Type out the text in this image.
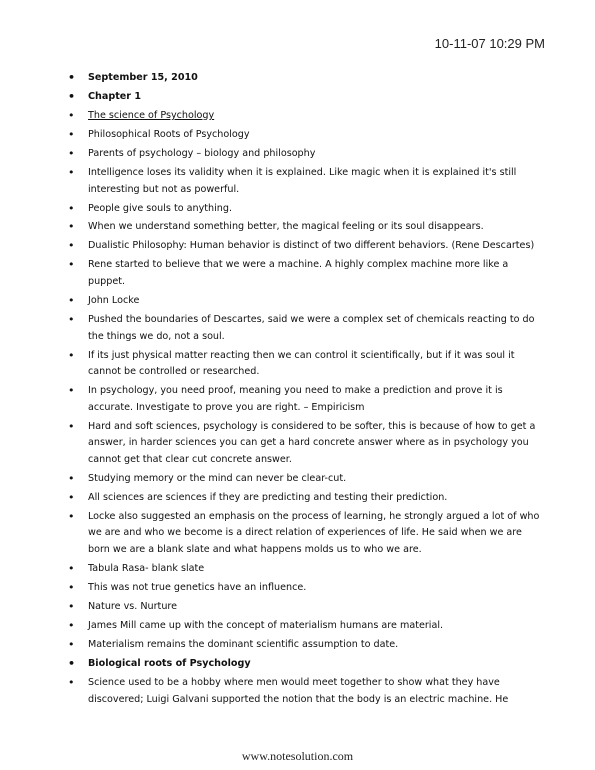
10-11-07 10:29 PM
• September 15, 2010
• Chapter 1
• The science of Psychology
• Philosophical Roots of Psychology
• Parents of psychology – biology and philosophy
• Intelligence loses its validity when it is explained. Like magic when it is explained it's still interesting but not as powerful.
• People give souls to anything.
• When we understand something better, the magical feeling or its soul disappears.
• Dualistic Philosophy: Human behavior is distinct of two different behaviors. (Rene Descartes)
• Rene started to believe that we were a machine. A highly complex machine more like a puppet.
• John Locke
• Pushed the boundaries of Descartes, said we were a complex set of chemicals reacting to do the things we do, not a soul.
• If its just physical matter reacting then we can control it scientifically, but if it was soul it cannot be controlled or researched.
• In psychology, you need proof, meaning you need to make a prediction and prove it is accurate. Investigate to prove you are right. – Empiricism
• Hard and soft sciences, psychology is considered to be softer, this is because of how to get a answer, in harder sciences you can get a hard concrete answer where as in psychology you cannot get that clear cut concrete answer.
• Studying memory or the mind can never be clear-cut.
• All sciences are sciences if they are predicting and testing their prediction.
• Locke also suggested an emphasis on the process of learning, he strongly argued a lot of who we are and who we become is a direct relation of experiences of life. He said when we are born we are a blank slate and what happens molds us to who we are.
• Tabula Rasa- blank slate
• This was not true genetics have an influence.
• Nature vs. Nurture
• James Mill came up with the concept of materialism humans are material.
• Materialism remains the dominant scientific assumption to date.
• Biological roots of Psychology
• Science used to be a hobby where men would meet together to show what they have discovered; Luigi Galvani supported the notion that the body is an electric machine. He
www.notesolution.com
